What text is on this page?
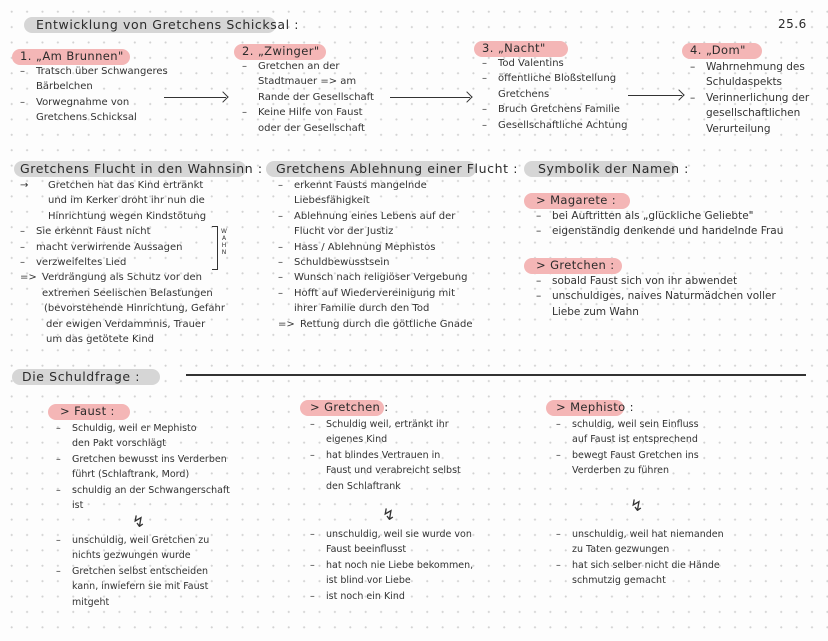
25.6
Entwicklung von Gretchens Schicksal :
1. „Am Brunnen"
– Tratsch über Schwangeres
Bärbelchen
– Vorwegnahme von
Gretchens Schicksal
2. „Zwinger"
– Gretchen an der
Stadtmauer => am
Rande der Gesellschaft
– Keine Hilfe von Faust
oder der Gesellschaft
3. „Nacht"
– Tod Valentins
– öffentliche Bloßstellung
Gretchens
– Bruch Gretchens Familie
– Gesellschaftliche Achtung
4. „Dom"
– Wahrnehmung des
Schuldaspekts
– Verinnerlichung der
gesellschaftlichen
Verurteilung
Gretchens Flucht in den Wahnsinn :
→ Gretchen hat das Kind ertränkt
und im Kerker droht ihr nun die
Hinrichtung wegen Kindstötung
– Sie erkennt Faust nicht
– macht verwirrende Aussagen
– verzweifeltes Lied
=> Verdrängung als Schutz vor den
extremen Seelischen Belastungen
(bevorstehende Hinrichtung, Gefahr
der ewigen Verdammnis, Trauer
um das getötete Kind
W
A
H
N
Gretchens Ablehnung einer Flucht :
– erkennt Fausts mangelnde
Liebesfähigkeit
– Ablehnung eines Lebens auf der
Flucht vor der Justiz
– Hass / Ablehnung Mephistos
– Schuldbewusstsein
– Wunsch nach religiöser Vergebung
– Hofft auf Wiedervereinigung mit
ihrer Familie durch den Tod
=> Rettung durch die göttliche Gnade
Symbolik der Namen :
> Magarete :
– bei Auftritten als „glückliche Geliebte"
– eigenständig denkende und handelnde Frau
> Gretchen :
– sobald Faust sich von ihr abwendet
– unschuldiges, naives Naturmädchen voller
Liebe zum Wahn
Die Schuldfrage :
> Faust :
– Schuldig, weil er Mephisto
den Pakt vorschlägt
– Gretchen bewusst ins Verderben
führt (Schlaftrank, Mord)
– schuldig an der Schwangerschaft
ist
↯
– unschuldig, weil Gretchen zu
nichts gezwungen wurde
– Gretchen selbst entscheiden
kann, inwiefern sie mit Faust
mitgeht
> Gretchen :
– Schuldig weil, ertränkt ihr
eigenes Kind
– hat blindes Vertrauen in
Faust und verabreicht selbst
den Schlaftrank
↯
– unschuldig, weil sie wurde von
Faust beeinflusst
– hat noch nie Liebe bekommen,
ist blind vor Liebe
– ist noch ein Kind
> Mephisto :
– schuldig, weil sein Einfluss
auf Faust ist entsprechend
– bewegt Faust Gretchen ins
Verderben zu führen
↯
– unschuldig, weil hat niemanden
zu Taten gezwungen
– hat sich selber nicht die Hände
schmutzig gemacht
